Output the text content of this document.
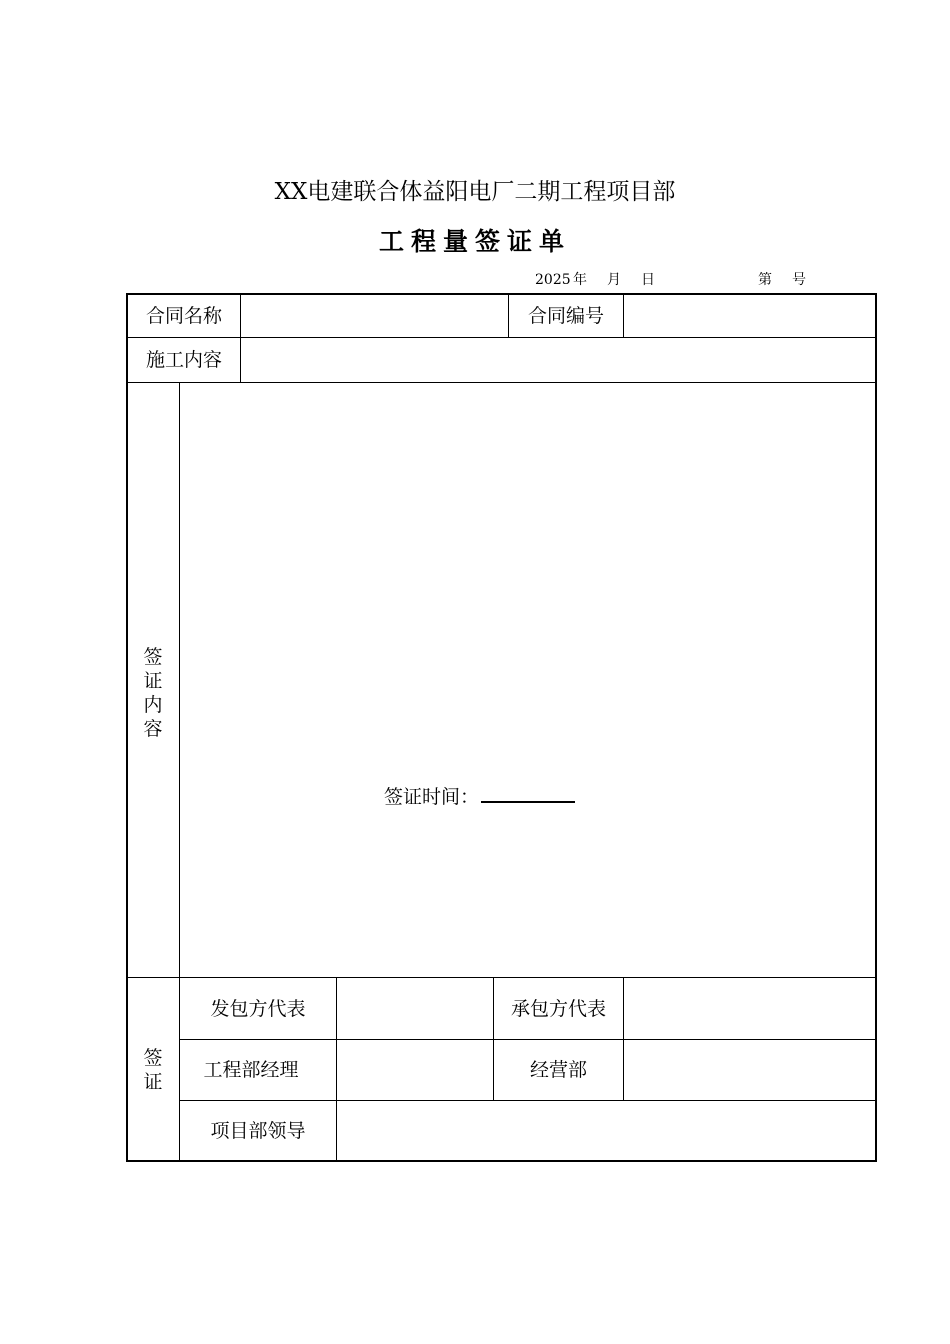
XX电建联合体益阳电厂二期工程项目部
工程量签证单
2025 年 月 日	第 号
合同名称	合同编号
施工内容
签证内容
签证时间：
签证
发包方代表	承包方代表
工程部经理	经营部
项目部领导
